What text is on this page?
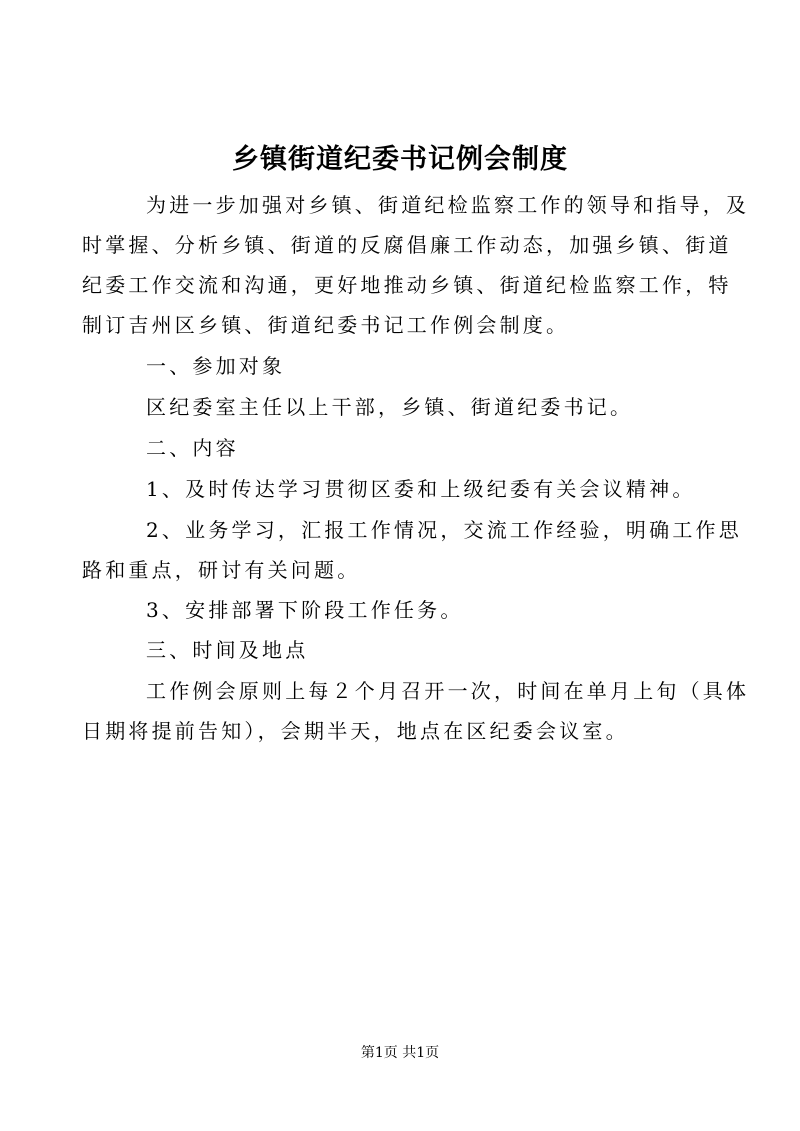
乡镇街道纪委书记例会制度
为进一步加强对乡镇、街道纪检监察工作的领导和指导，及
时掌握、分析乡镇、街道的反腐倡廉工作动态，加强乡镇、街道
纪委工作交流和沟通，更好地推动乡镇、街道纪检监察工作，特
制订吉州区乡镇、街道纪委书记工作例会制度。
一、参加对象
区纪委室主任以上干部，乡镇、街道纪委书记。
二、内容
1、及时传达学习贯彻区委和上级纪委有关会议精神。
2、业务学习，汇报工作情况，交流工作经验，明确工作思
路和重点，研讨有关问题。
3、安排部署下阶段工作任务。
三、时间及地点
工作例会原则上每２个月召开一次，时间在单月上旬（具体
日期将提前告知），会期半天，地点在区纪委会议室。
第1页 共1页
